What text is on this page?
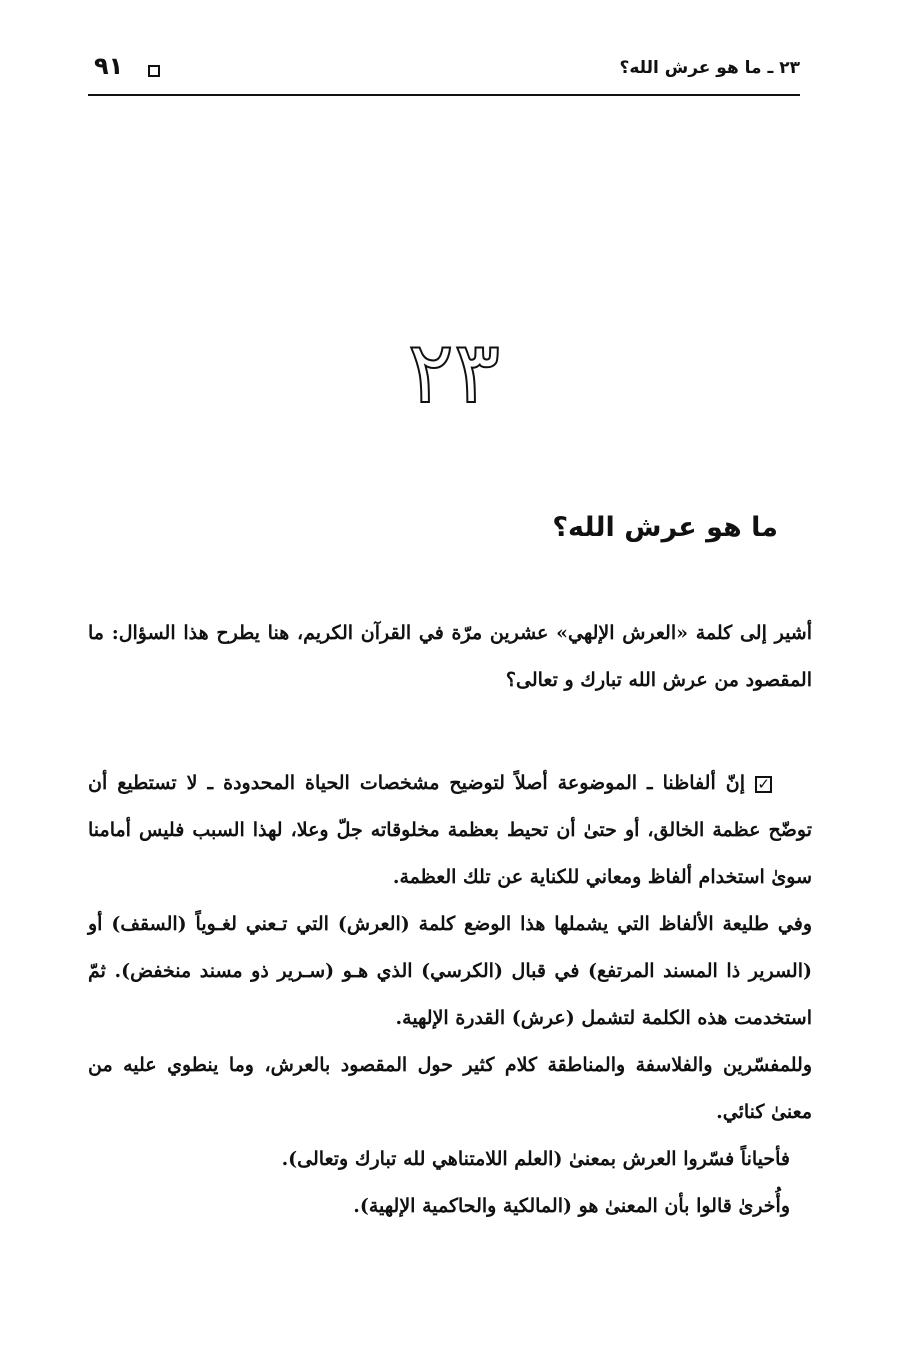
٢٣ ـ ما هو عرش الله؟
٩١
٢٣
ما هو عرش الله؟

أشير إلى كلمة «العرش الإلهي» عشرين مرّة في القرآن الكريم، هنا يطرح هذا السؤال: ما المقصود من عرش الله تبارك و تعالى؟

✓إنّ ألفاظنا ـ الموضوعة أصلاً لتوضيح مشخصات الحياة المحدودة ـ لا تستطيع أن توضّح عظمة الخالق، أو حتىٰ أن تحيط بعظمة مخلوقاته جلّ وعلا، لهذا السبب فليس أمامنا سوىٰ استخدام ألفاظ ومعاني للكناية عن تلك العظمة.

وفي طليعة الألفاظ التي يشملها هذا الوضع كلمة (العرش) التي تـعني لغـوياً (السقف) أو (السرير ذا المسند المرتفع) في قبال (الكرسي) الذي هـو (سـرير ذو مسند منخفض). ثمّ استخدمت هذه الكلمة لتشمل (عرش) القدرة الإلهية.

وللمفسّرين والفلاسفة والمناطقة كلام كثير حول المقصود بالعرش، وما ينطوي عليه من معنىٰ كنائي.

فأحياناً فسّروا العرش بمعنىٰ (العلم اللامتناهي لله تبارك وتعالى).
وأُخرىٰ قالوا بأن المعنىٰ هو (المالكية والحاكمية الإلهية).
